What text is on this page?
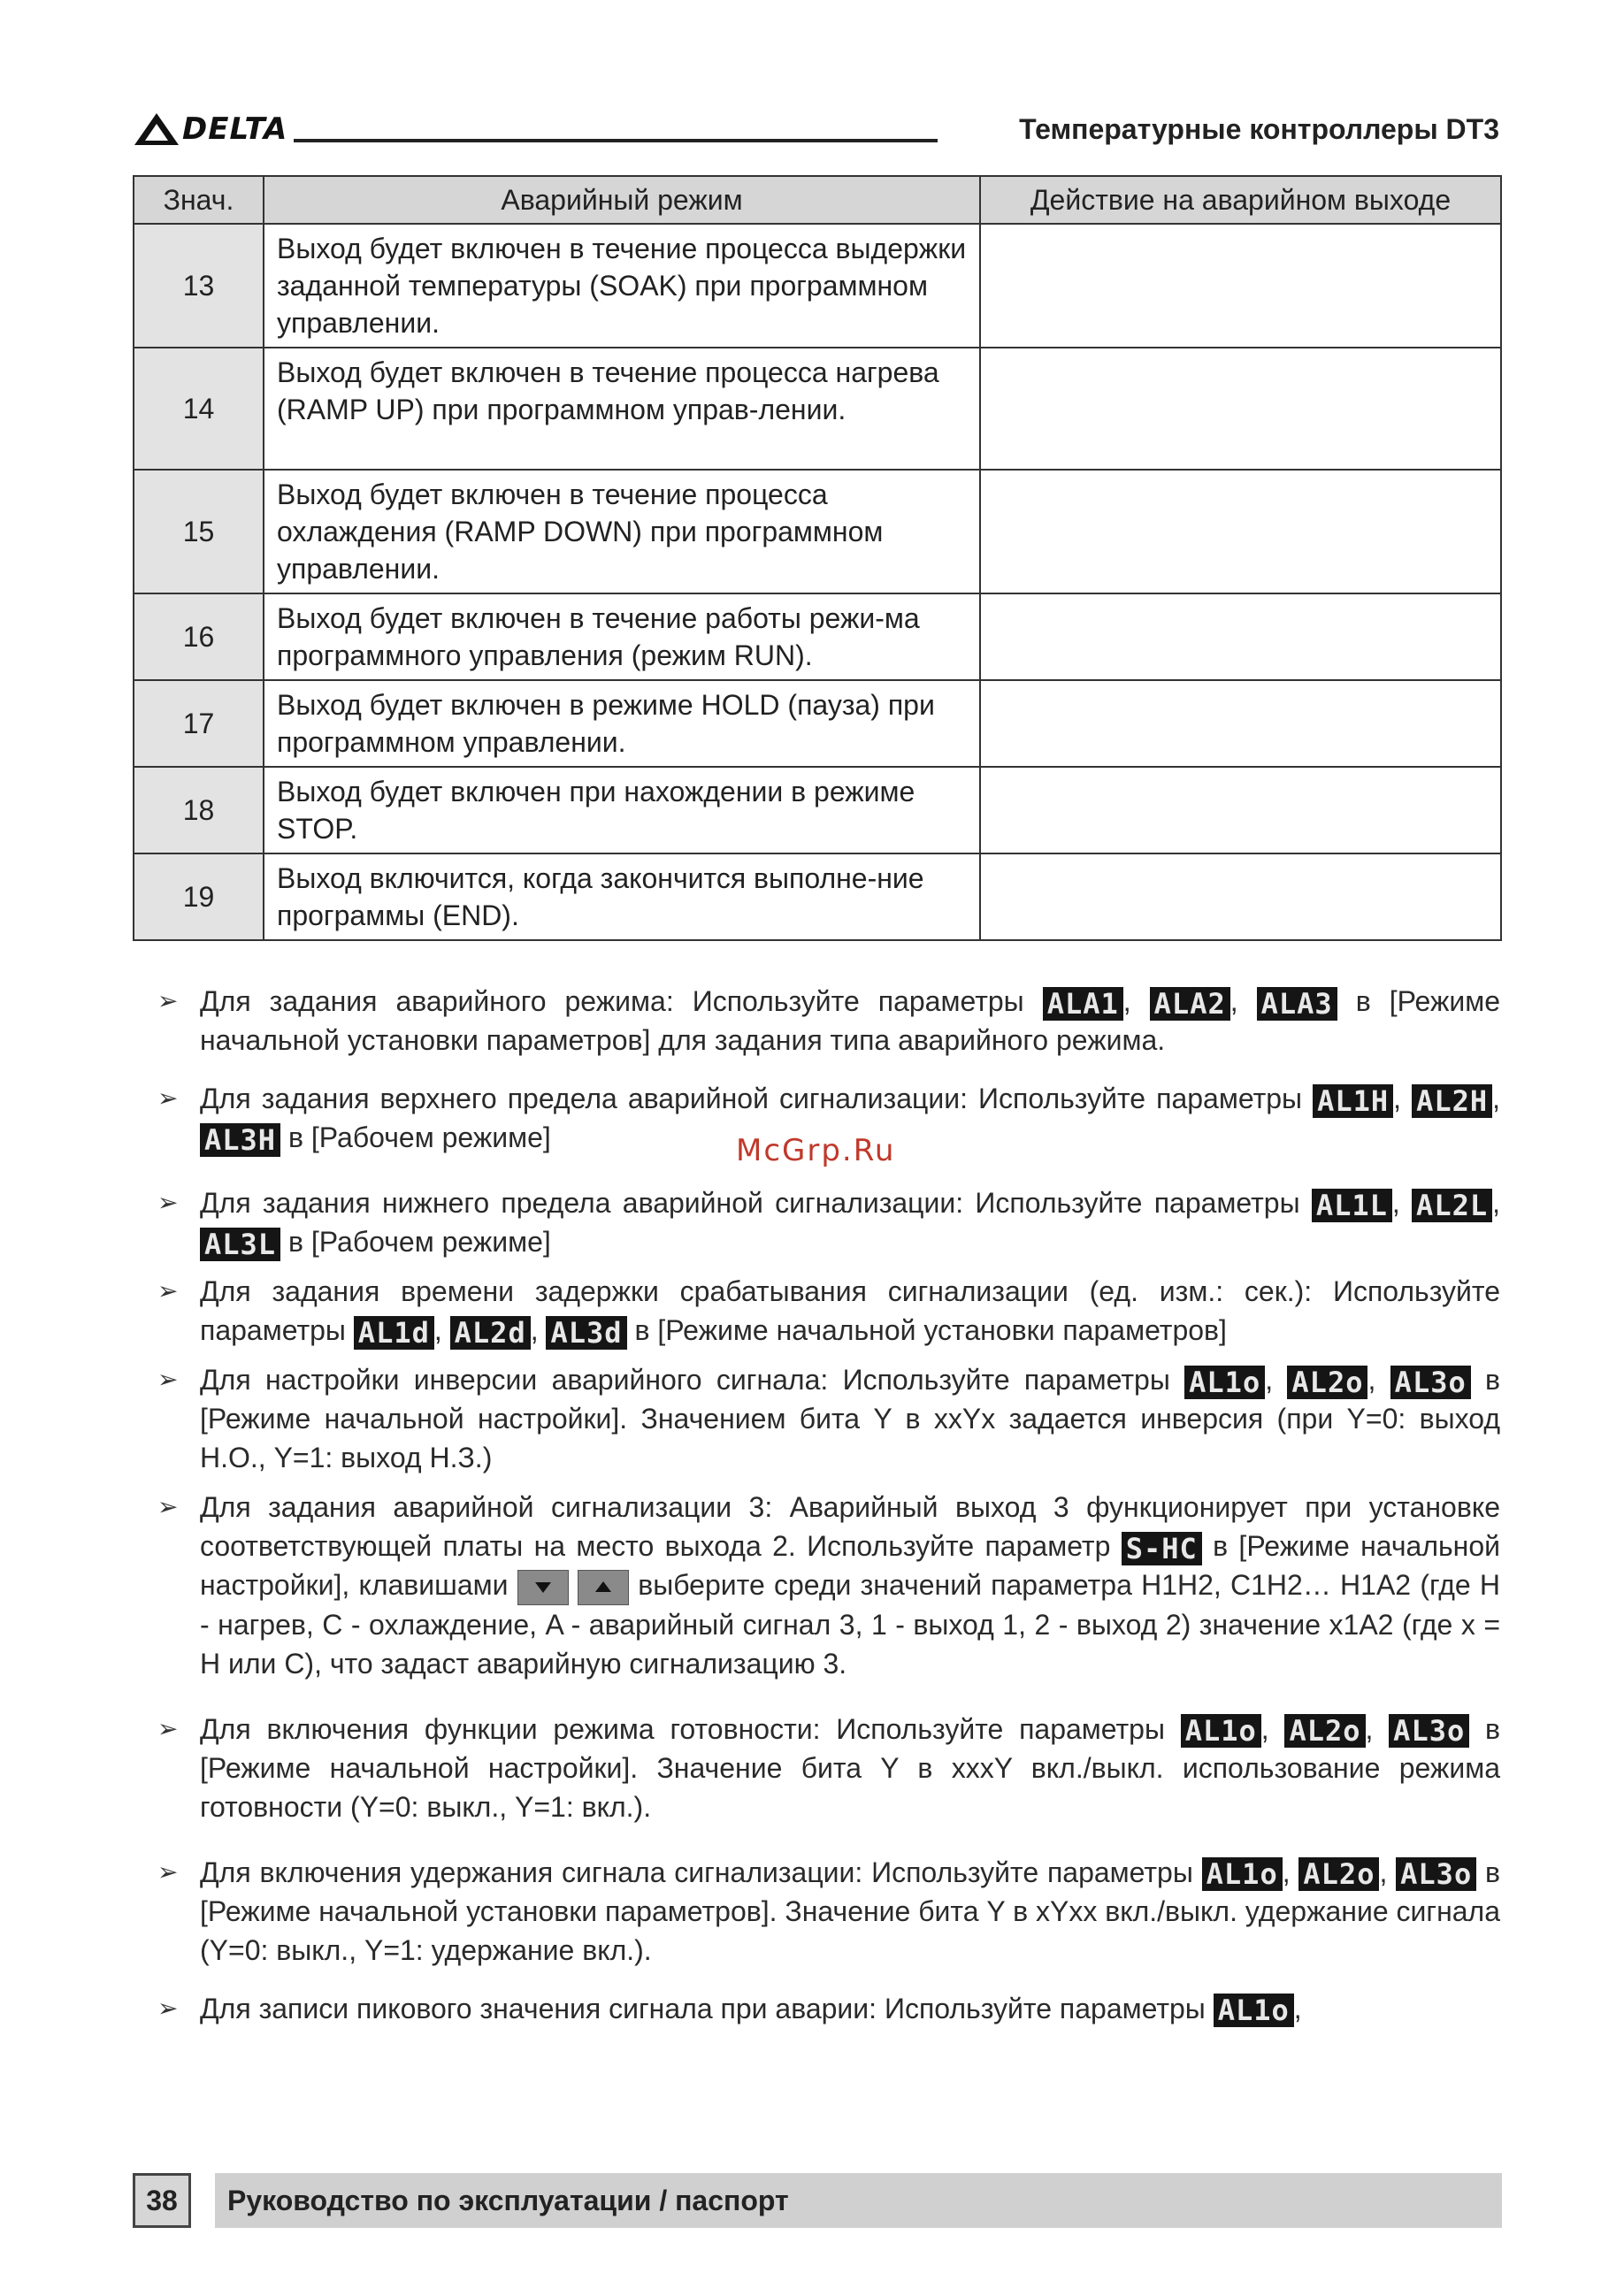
DELTA	Температурные контроллеры DT3
Знач.	Аварийный режим	Действие на аварийном выходе
13	Выход будет включен в течение процесса выдержки заданной температуры (SOAK) при программном управлении.	
14	Выход будет включен в течение процесса нагрева (RAMP UP) при программном управ-лении.	
15	Выход будет включен в течение процесса охлаждения (RAMP DOWN) при программном управлении.	
16	Выход будет включен в течение работы режи-ма программного управления (режим RUN).	
17	Выход будет включен в режиме HOLD (пауза) при программном управлении.	
18	Выход будет включен при нахождении в режиме STOP.	
19	Выход включится, когда закончится выполне-ние программы (END).	
➢ Для задания аварийного режима: Используйте параметры ALA1 , ALA2 , ALA3 в [Режиме начальной установки параметров] для задания типа аварийного режима.
➢ Для задания верхнего предела аварийной сигнализации: Используйте параметры AL1H , AL2H , AL3H в [Рабочем режиме]
➢ Для задания нижнего предела аварийной сигнализации: Используйте параметры AL1L , AL2L , AL3L в [Рабочем режиме]
➢ Для задания времени задержки срабатывания сигнализации (ед. изм.: сек.): Используйте параметры AL1d , AL2d , AL3d в [Режиме начальной установки параметров]
➢ Для настройки инверсии аварийного сигнала: Используйте параметры AL1o , AL2o , AL3o в [Режиме начальной настройки]. Значением бита Y в xxYx задается инверсия (при Y=0: выход Н.О., Y=1: выход Н.З.)
➢ Для задания аварийной сигнализации 3: Аварийный выход 3 функционирует при установке соответствующей платы на место выхода 2. Используйте параметр S-HC в [Режиме начальной настройки], клавишами	выберите среди значений параметра H1H2, C1H2… H1A2 (где H - нагрев, C - охлаждение, A - аварийный сигнал 3, 1 - выход 1, 2 - выход 2) значение x1A2 (где x = H или C), что задаст аварийную сигнализацию 3.
➢ Для включения функции режима готовности: Используйте параметры AL1o , AL2o , AL3o в [Режиме начальной настройки]. Значение бита Y в xxxY вкл./выкл. использование режима готовности (Y=0: выкл., Y=1: вкл.).
➢ Для включения удержания сигнала сигнализации: Используйте параметры AL1o , AL2o , AL3o в [Режиме начальной установки параметров]. Значение бита Y в xYxx вкл./выкл. удержание сигнала (Y=0: выкл., Y=1: удержание вкл.).
➢ Для записи пикового значения сигнала при аварии: Используйте параметры AL1o ,
McGrp.Ru
38	Руководство по эксплуатации / паспорт
